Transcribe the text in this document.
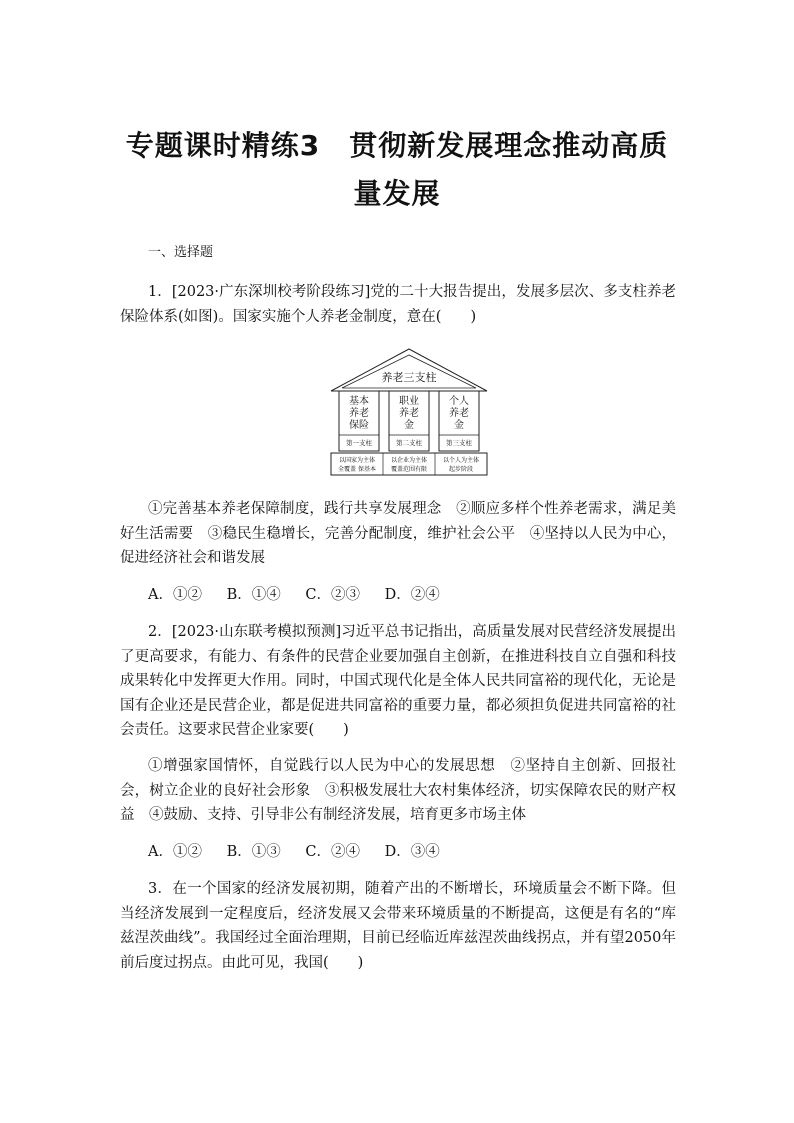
专题课时精练3　贯彻新发展理念推动高质
量发展
一、选择题
1．[2023·广东深圳校考阶段练习]党的二十大报告提出，发展多层次、多支柱养老保险体系(如图)。国家实施个人养老金制度，意在(　　)
养老三支柱
基本
养老
保险
第一支柱
职业
养老
金
第二支柱
个人
养老
金
第三支柱
以国家为主体
全覆盖 保基本
以企业为主体
覆盖范围有限
以个人为主体
起步阶段
①完善基本养老保障制度，践行共享发展理念　②顺应多样个性养老需求，满足美好生活需要　③稳民生稳增长，完善分配制度，维护社会公平　④坚持以人民为中心，促进经济社会和谐发展
A．①② B．①④ C．②③ D．②④
2．[2023·山东联考模拟预测]习近平总书记指出，高质量发展对民营经济发展提出了更高要求，有能力、有条件的民营企业要加强自主创新，在推进科技自立自强和科技成果转化中发挥更大作用。同时，中国式现代化是全体人民共同富裕的现代化，无论是国有企业还是民营企业，都是促进共同富裕的重要力量，都必须担负促进共同富裕的社会责任。这要求民营企业家要(　　)
①增强家国情怀，自觉践行以人民为中心的发展思想　②坚持自主创新、回报社会，树立企业的良好社会形象　③积极发展壮大农村集体经济，切实保障农民的财产权益　④鼓励、支持、引导非公有制经济发展，培育更多市场主体
A．①② B．①③ C．②④ D．③④
3．在一个国家的经济发展初期，随着产出的不断增长，环境质量会不断下降。但当经济发展到一定程度后，经济发展又会带来环境质量的不断提高，这便是有名的“库兹涅茨曲线”。我国经过全面治理期，目前已经临近库兹涅茨曲线拐点，并有望2050年前后度过拐点。由此可见，我国(　　)
